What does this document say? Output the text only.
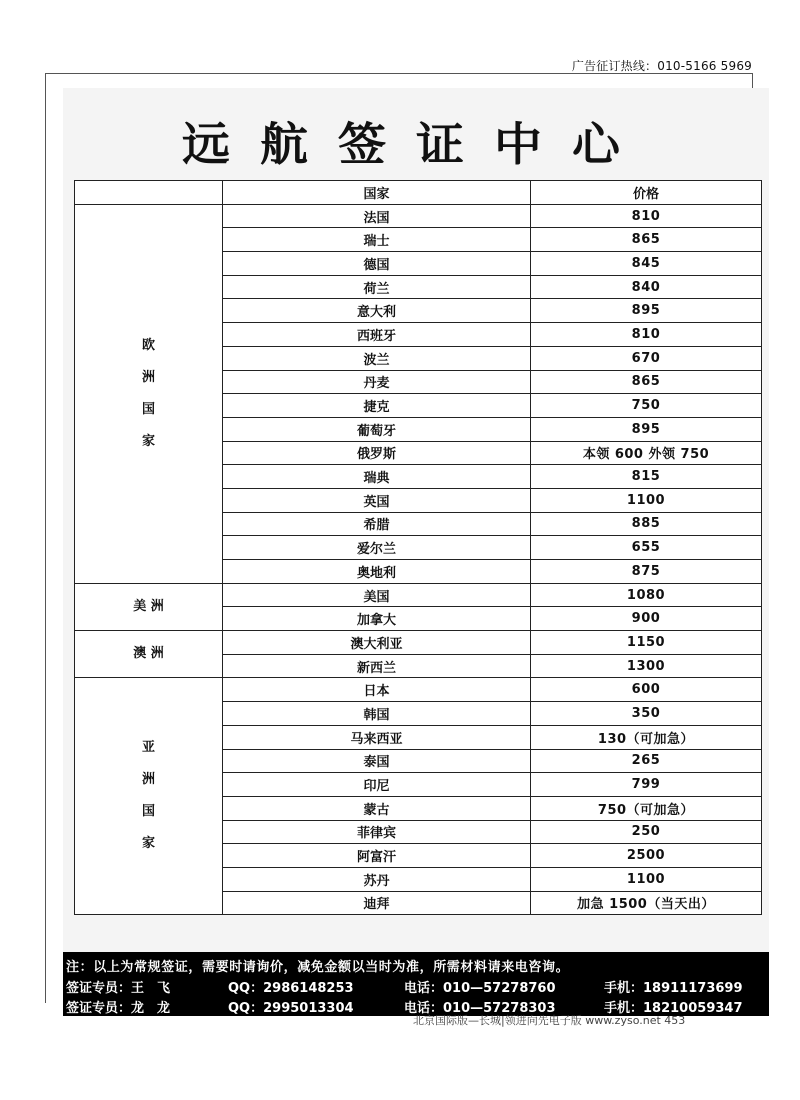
广告征订热线：010-5166 5969
远航签证中心
	国家	价格

欧
洲
国
家	法国	810
	瑞士	865
	德国	845
	荷兰	840
	意大利	895
	西班牙	810
	波兰	670
	丹麦	865
	捷克	750
	葡萄牙	895
	俄罗斯	本领 600 外领 750
	瑞典	815
	英国	1100
	希腊	885
	爱尔兰	655
	奥地利	875
美 洲	美国	1080
	加拿大	900
澳 洲	澳大利亚	1150
	新西兰	1300

亚
洲
国
家	日本	600
	韩国	350
	马来西亚	130（可加急）
	泰国	265
	印尼	799
	蒙古	750（可加急）
	菲律宾	250
	阿富汗	2500
	苏丹	1100
	迪拜	加急 1500（当天出）
注：以上为常规签证，需要时请询价，减免金额以当时为准，所需材料请来电咨询。
签证专员：王　飞	QQ：2986148253	电话：010—57278760	手机：18911173699
签证专员：龙　龙	QQ：2995013304	电话：010—57278303	手机：18210059347
北京国际版—长城|领进向先电子版 www.zyso.net 453
